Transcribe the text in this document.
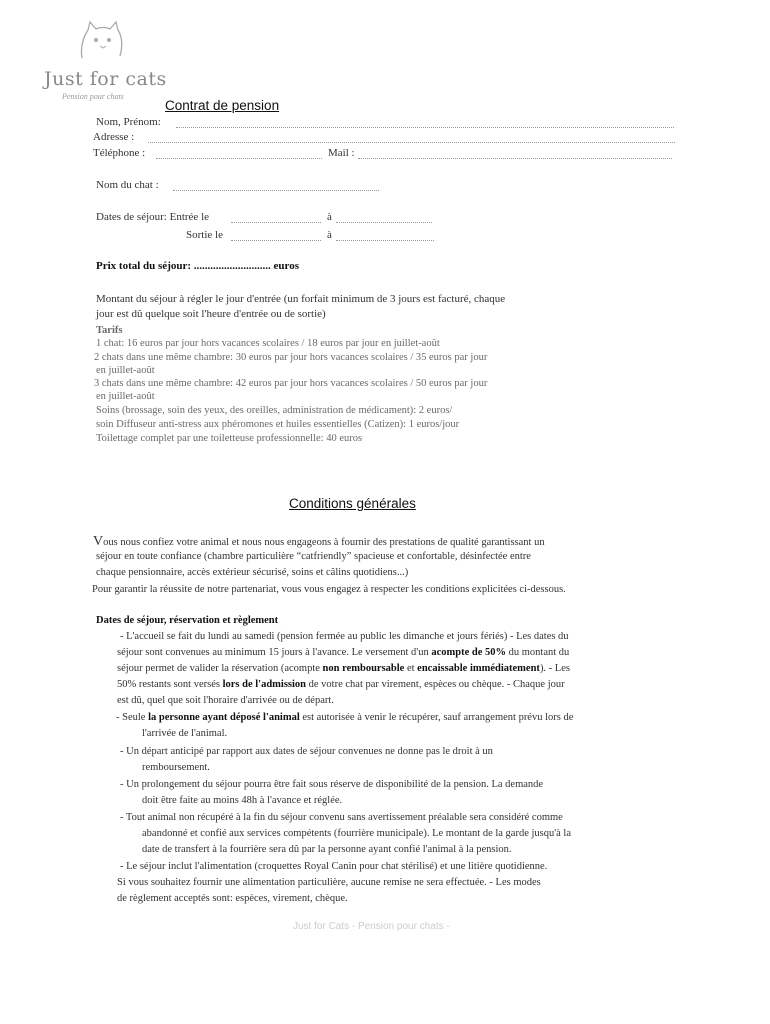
Just for cats
Pension pour chats
Contrat de pension
Nom, Prénom:
Adresse :
Téléphone :	Mail :
Nom du chat :
Dates de séjour: Entrée le	à
Sortie le	à
Prix total du séjour: ............................ euros
Montant du séjour à régler le jour d'entrée (un forfait minimum de 3 jours est facturé, chaque
jour est dû quelque soit l'heure d'entrée ou de sortie)
Tarifs
1 chat: 16 euros par jour hors vacances scolaires / 18 euros par jour en juillet-août
2 chats dans une même chambre: 30 euros par jour hors vacances scolaires / 35 euros par jour
en juillet-août
3 chats dans une même chambre: 42 euros par jour hors vacances scolaires / 50 euros par jour
en juillet-août
Soins (brossage, soin des yeux, des oreilles, administration de médicament): 2 euros/
soin Diffuseur anti-stress aux phéromones et huiles essentielles (Catizen): 1 euros/jour
Toilettage complet par une toiletteuse professionnelle: 40 euros
Conditions générales
Vous nous confiez votre animal et nous nous engageons à fournir des prestations de qualité garantissant un
séjour en toute confiance (chambre particulière “catfriendly” spacieuse et confortable, désinfectée entre
chaque pensionnaire, accès extérieur sécurisé, soins et câlins quotidiens...)
Pour garantir la réussite de notre partenariat, vous vous engagez à respecter les conditions explicitées ci-dessous.
Dates de séjour, réservation et règlement
- L'accueil se fait du lundi au samedi (pension fermée au public les dimanche et jours fériés) - Les dates du
séjour sont convenues au minimum 15 jours à l'avance. Le versement d'un acompte de 50% du montant du
séjour permet de valider la réservation (acompte non remboursable et encaissable immédiatement). - Les
50% restants sont versés lors de l'admission de votre chat par virement, espèces ou chèque. - Chaque jour
est dû, quel que soit l'horaire d'arrivée ou de départ.
- Seule la personne ayant déposé l'animal est autorisée à venir le récupérer, sauf arrangement prévu lors de
l'arrivée de l'animal.
- Un départ anticipé par rapport aux dates de séjour convenues ne donne pas le droit à un
remboursement.
- Un prolongement du séjour pourra être fait sous réserve de disponibilité de la pension. La demande
doit être faite au moins 48h à l'avance et réglée.
- Tout animal non récupéré à la fin du séjour convenu sans avertissement préalable sera considéré comme
abandonné et confié aux services compétents (fourrière municipale). Le montant de la garde jusqu'à la
date de transfert à la fourrière sera dû par la personne ayant confié l'animal à la pension.
- Le séjour inclut l'alimentation (croquettes Royal Canin pour chat stérilisé) et une litière quotidienne.
Si vous souhaitez fournir une alimentation particulière, aucune remise ne sera effectuée. - Les modes
de règlement acceptés sont: espèces, virement, chèque.
Just for Cats - Pension pour chats -
